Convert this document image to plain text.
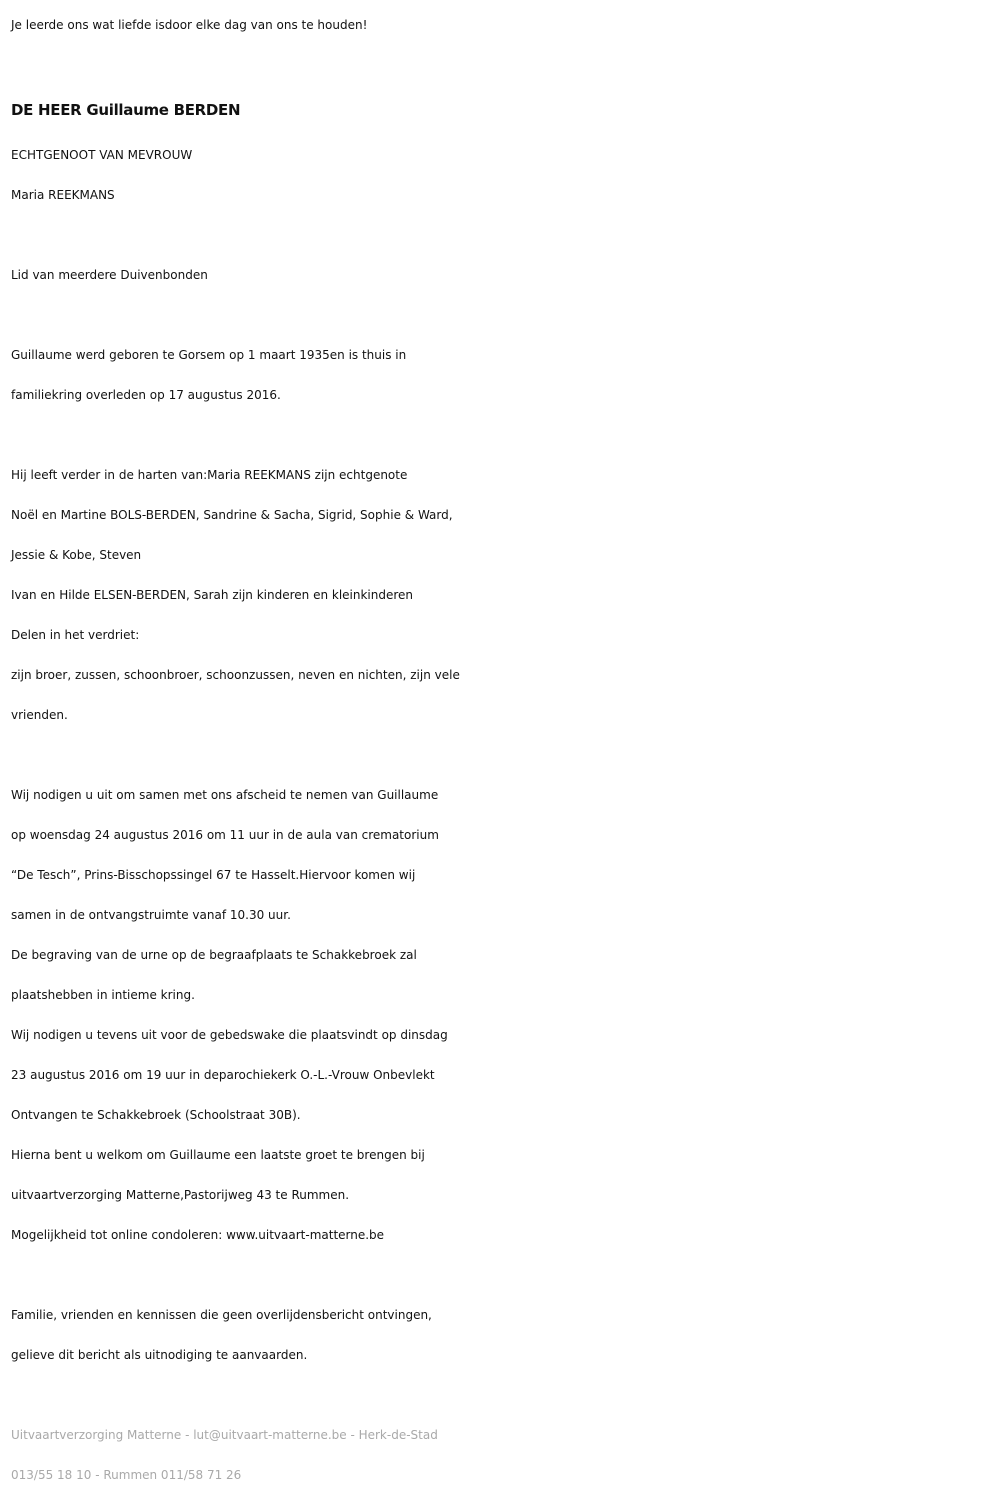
Je leerde ons wat liefde isdoor elke dag van ons te houden!
DE HEER Guillaume BERDEN
ECHTGENOOT VAN MEVROUW
Maria REEKMANS
Lid van meerdere Duivenbonden
Guillaume werd geboren te Gorsem op 1 maart 1935en is thuis in
familiekring overleden op 17 augustus 2016.
Hij leeft verder in de harten van:Maria REEKMANS zijn echtgenote
Noël en Martine BOLS-BERDEN, Sandrine & Sacha, Sigrid, Sophie & Ward,
Jessie & Kobe, Steven
Ivan en Hilde ELSEN-BERDEN, Sarah zijn kinderen en kleinkinderen
Delen in het verdriet:
zijn broer, zussen, schoonbroer, schoonzussen, neven en nichten, zijn vele
vrienden.
Wij nodigen u uit om samen met ons afscheid te nemen van Guillaume
op woensdag 24 augustus 2016 om 11 uur in de aula van crematorium
“De Tesch”, Prins-Bisschopssingel 67 te Hasselt.Hiervoor komen wij
samen in de ontvangstruimte vanaf 10.30 uur.
De begraving van de urne op de begraafplaats te Schakkebroek zal
plaatshebben in intieme kring.
Wij nodigen u tevens uit voor de gebedswake die plaatsvindt op dinsdag
23 augustus 2016 om 19 uur in deparochiekerk O.-L.-Vrouw Onbevlekt
Ontvangen te Schakkebroek (Schoolstraat 30B).
Hierna bent u welkom om Guillaume een laatste groet te brengen bij
uitvaartverzorging Matterne,Pastorijweg 43 te Rummen.
Mogelijkheid tot online condoleren: www.uitvaart-matterne.be
Familie, vrienden en kennissen die geen overlijdensbericht ontvingen,
gelieve dit bericht als uitnodiging te aanvaarden.
Uitvaartverzorging Matterne - lut@uitvaart-matterne.be - Herk-de-Stad
013/55 18 10 - Rummen 011/58 71 26
